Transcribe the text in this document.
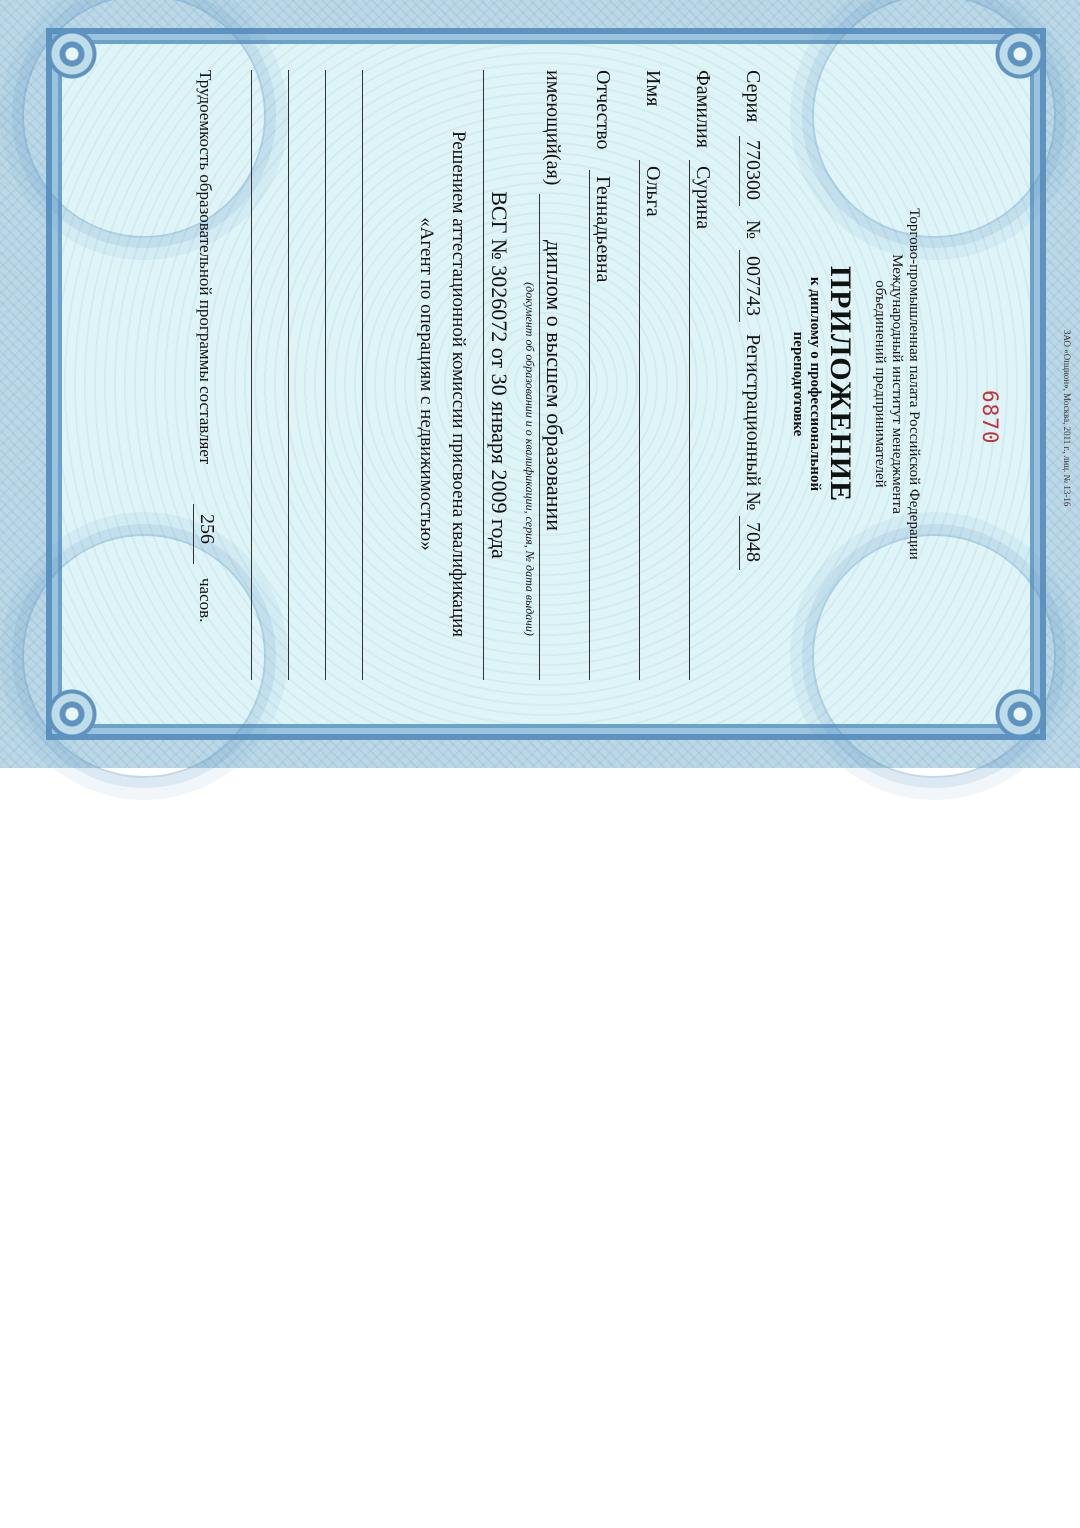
Торгово-промышленная палата Российской Федерации

Международный институт менеджмента

объединений предпринимателей

ПРИЛОЖЕНИЕ

к диплому о профессиональной

переподготовке

Серия
770300
№
007743
Регистрационный №
7048
Фамилия
Сурина
Имя
Ольга
Отчество
Геннадьевна
имеющий(ая)
диплом о высшем образовании
(документ об образовании и о квалификации, серия, № дата выдачи)
ВСГ № 3026072 от 30 января 2009 года
Решением аттестационной комиссии присвоена квалификация
«Агент по операциям с недвижимостью»
Трудоемкость образовательной программы составляет
256
часов.
6870	ЗАО «Опцион», Москва, 2011 г., лиц. № 13-16
